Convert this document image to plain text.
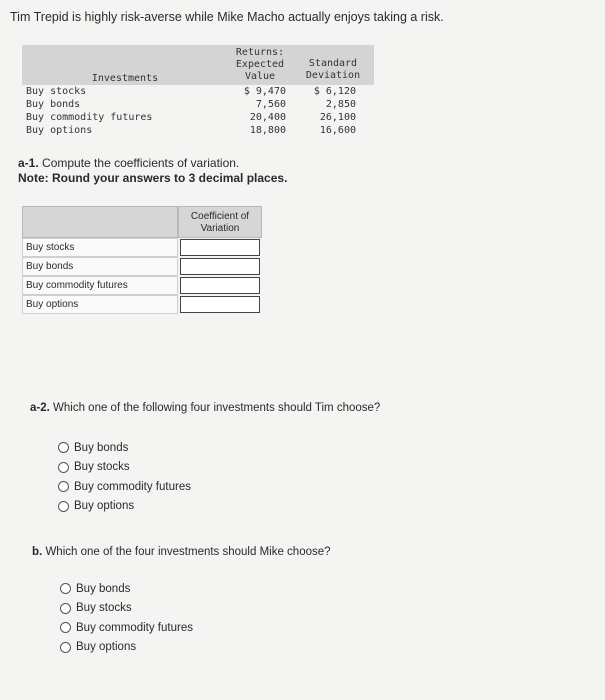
Tim Trepid is highly risk-averse while Mike Macho actually enjoys taking a risk.
Investments
Returns:
Expected
Value
Standard
Deviation
Buy stocks	$ 9,470	$ 6,120
Buy bonds	7,560	2,850
Buy commodity futures	20,400	26,100
Buy options	18,800	16,600
a-1. Compute the coefficients of variation.
Note: Round your answers to 3 decimal places.
Coefficient of
Variation
Buy stocks
Buy bonds
Buy commodity futures
Buy options
a-2. Which one of the following four investments should Tim choose?
Buy bonds
Buy stocks
Buy commodity futures
Buy options
b. Which one of the four investments should Mike choose?
Buy bonds
Buy stocks
Buy commodity futures
Buy options
